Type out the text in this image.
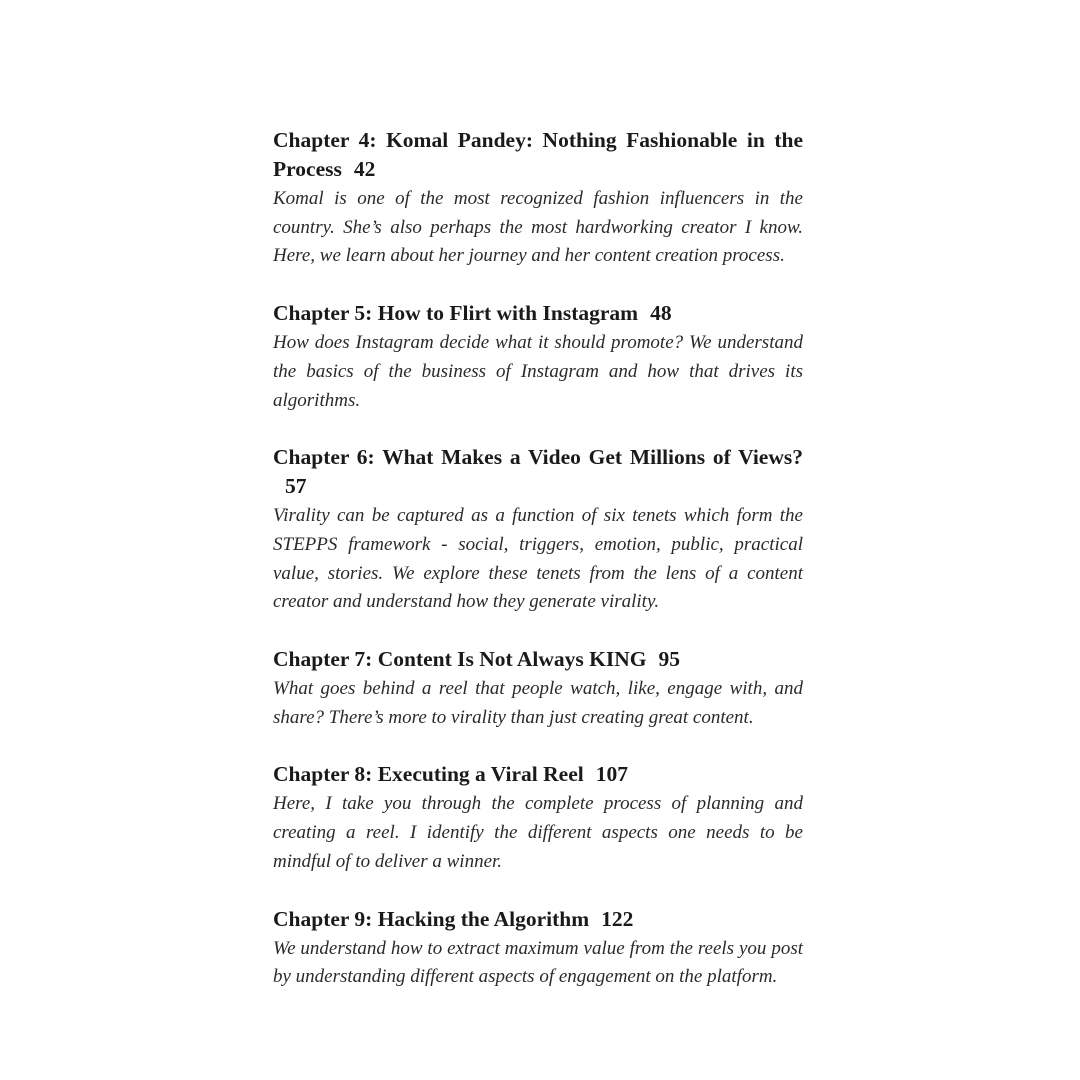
Chapter 4: Komal Pandey: Nothing Fashionable in the Process 42

Komal is one of the most recognized fashion influencers in the country. She’s also perhaps the most hardworking creator I know. Here, we learn about her journey and her content creation process.

Chapter 5: How to Flirt with Instagram 48

How does Instagram decide what it should promote? We understand the basics of the business of Instagram and how that drives its algorithms.

Chapter 6: What Makes a Video Get Millions of Views?57

Virality can be captured as a function of six tenets which form the STEPPS framework - social, triggers, emotion, public, practical value, stories. We explore these tenets from the lens of a content creator and understand how they generate virality.

Chapter 7: Content Is Not Always KING 95

What goes behind a reel that people watch, like, engage with, and share? There’s more to virality than just creating great content.

Chapter 8: Executing a Viral Reel 107

Here, I take you through the complete process of planning and creating a reel. I identify the different aspects one needs to be mindful of to deliver a winner.

Chapter 9: Hacking the Algorithm 122

We understand how to extract maximum value from the reels you post by understanding different aspects of engagement on the platform.
